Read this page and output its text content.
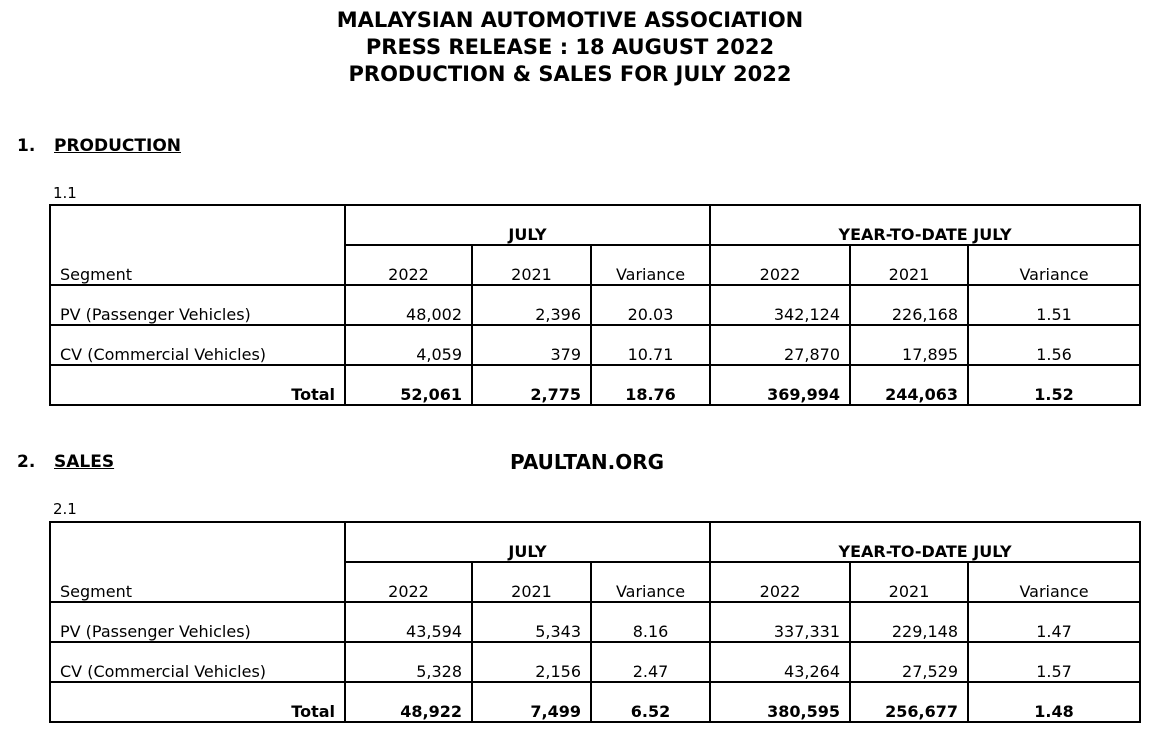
MALAYSIAN AUTOMOTIVE ASSOCIATION
PRESS RELEASE : 18 AUGUST 2022
PRODUCTION & SALES FOR JULY 2022
1. PRODUCTION
1.1
Segment	JULY			YEAR-TO-DATE JULY		
	2022	2021	Variance	2022	2021	Variance
PV (Passenger Vehicles)	48,002	2,396	20.03	342,124	226,168	1.51
CV (Commercial Vehicles)	4,059	379	10.71	27,870	17,895	1.56
Total	52,061	2,775	18.76	369,994	244,063	1.52
2. SALES	PAULTAN.ORG
2.1
Segment	JULY			YEAR-TO-DATE JULY		
	2022	2021	Variance	2022	2021	Variance
PV (Passenger Vehicles)	43,594	5,343	8.16	337,331	229,148	1.47
CV (Commercial Vehicles)	5,328	2,156	2.47	43,264	27,529	1.57
Total	48,922	7,499	6.52	380,595	256,677	1.48
